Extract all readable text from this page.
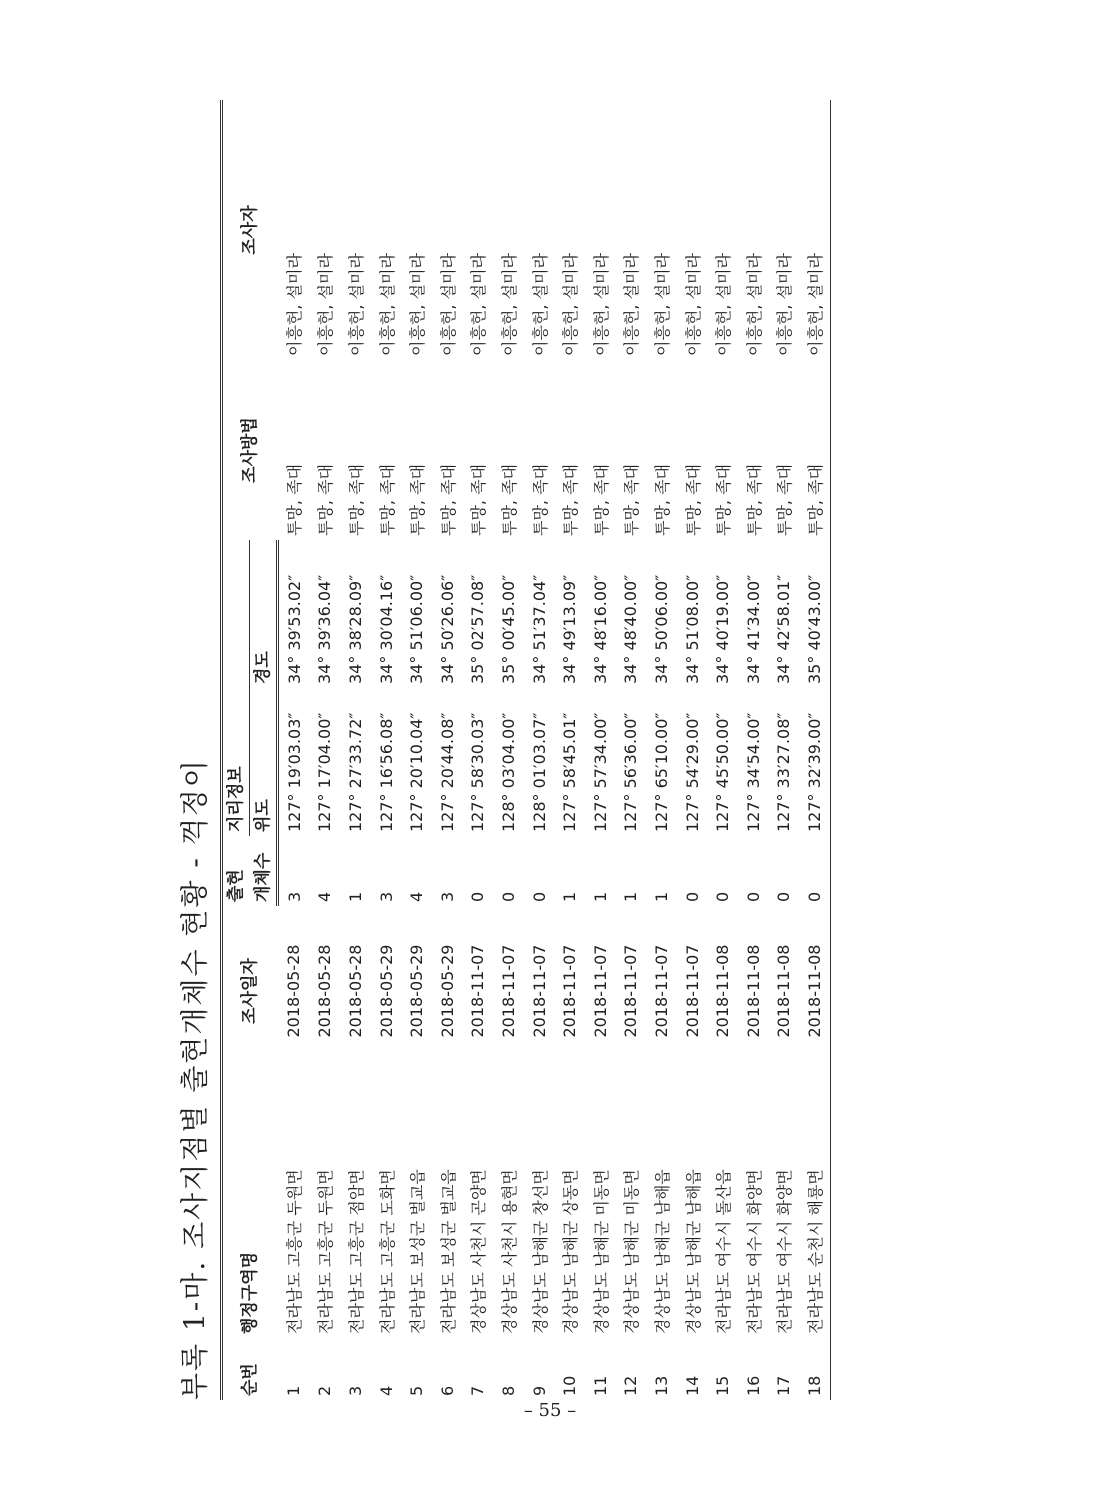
부록 1-마. 조사지점별 출현개체수 현황 - 꺽정이 순번	행정구역명	조사일자	출현	지리정보		조사방법	조사자
			개체수	위도	경도		
1	전라남도 고흥군 두원면	2018-05-28	3	127° 19′03.03″	34° 39′53.02″	투망, 족대	이흥헌, 설미라
2	전라남도 고흥군 두원면	2018-05-28	4	127° 17′04.00″	34° 39′36.04″	투망, 족대	이흥헌, 설미라
3	전라남도 고흥군 점암면	2018-05-28	1	127° 27′33.72″	34° 38′28.09″	투망, 족대	이흥헌, 설미라
4	전라남도 고흥군 도화면	2018-05-29	3	127° 16′56.08″	34° 30′04.16″	투망, 족대	이흥헌, 설미라
5	전라남도 보성군 벌교읍	2018-05-29	4	127° 20′10.04″	34° 51′06.00″	투망, 족대	이흥헌, 설미라
6	전라남도 보성군 벌교읍	2018-05-29	3	127° 20′44.08″	34° 50′26.06″	투망, 족대	이흥헌, 설미라
7	경상남도 사천시 곤양면	2018-11-07	0	127° 58′30.03″	35° 02′57.08″	투망, 족대	이흥헌, 설미라
8	경상남도 사천시 용현면	2018-11-07	0	128° 03′04.00″	35° 00′45.00″	투망, 족대	이흥헌, 설미라
9	경상남도 남해군 창선면	2018-11-07	0	128° 01′03.07″	34° 51′37.04″	투망, 족대	이흥헌, 설미라
10	경상남도 남해군 상동면	2018-11-07	1	127° 58′45.01″	34° 49′13.09″	투망, 족대	이흥헌, 설미라
11	경상남도 남해군 미동면	2018-11-07	1	127° 57′34.00″	34° 48′16.00″	투망, 족대	이흥헌, 설미라
12	경상남도 남해군 미동면	2018-11-07	1	127° 56′36.00″	34° 48′40.00″	투망, 족대	이흥헌, 설미라
13	경상남도 남해군 남해읍	2018-11-07	1	127° 65′10.00″	34° 50′06.00″	투망, 족대	이흥헌, 설미라
14	경상남도 남해군 남해읍	2018-11-07	0	127° 54′29.00″	34° 51′08.00″	투망, 족대	이흥헌, 설미라
15	전라남도 여수시 돌산읍	2018-11-08	0	127° 45′50.00″	34° 40′19.00″	투망, 족대	이흥헌, 설미라
16	전라남도 여수시 화양면	2018-11-08	0	127° 34′54.00″	34° 41′34.00″	투망, 족대	이흥헌, 설미라
17	전라남도 여수시 화양면	2018-11-08	0	127° 33′27.08″	34° 42′58.01″	투망, 족대	이흥헌, 설미라
18	전라남도 순천시 해룡면	2018-11-08	0	127° 32′39.00″	35° 40′43.00″	투망, 족대	이흥헌, 설미라
– 55 –
